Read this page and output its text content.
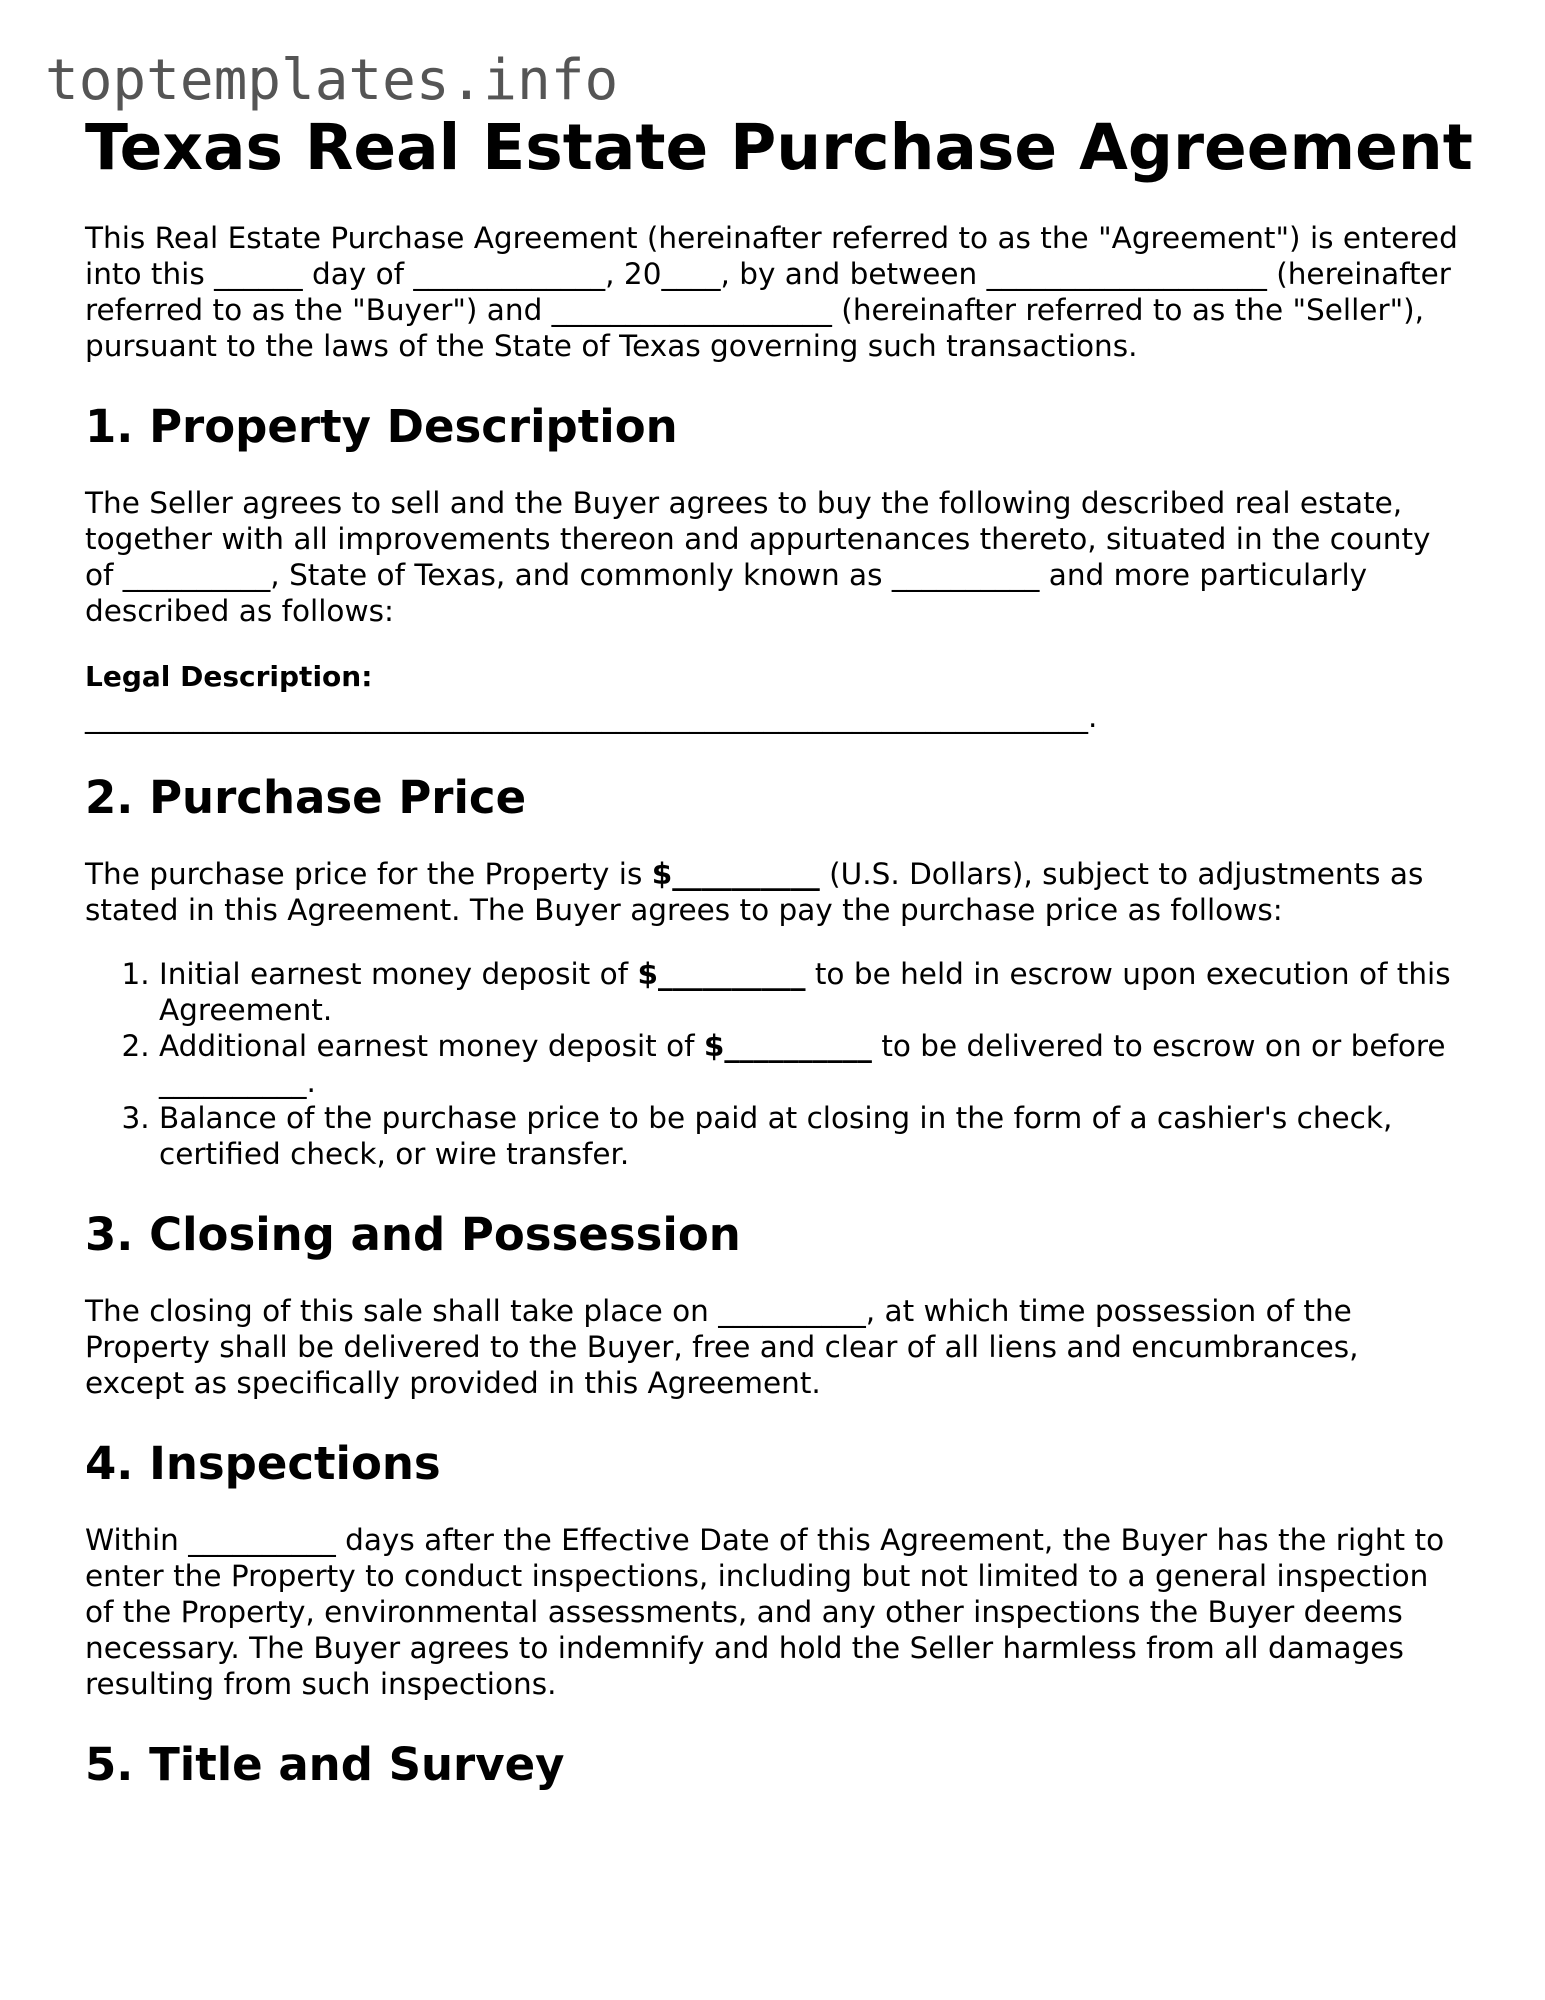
toptemplates.info
Texas Real Estate Purchase Agreement

This Real Estate Purchase Agreement (hereinafter referred to as the "Agreement") is entered into this ______ day of _____________, 20____, by and between ___________________ (hereinafter referred to as the "Buyer") and ___________________ (hereinafter referred to as the "Seller"), pursuant to the laws of the State of Texas governing such transactions.

1. Property Description

The Seller agrees to sell and the Buyer agrees to buy the following described real estate, together with all improvements thereon and appurtenances thereto, situated in the county of __________, State of Texas, and commonly known as __________ and more particularly described as follows:

Legal Description:

____________________________________________________________________.

2. Purchase Price

The purchase price for the Property is $__________ (U.S. Dollars), subject to adjustments as stated in this Agreement. The Buyer agrees to pay the purchase price as follows:

1. Initial earnest money deposit of $__________ to be held in escrow upon execution of this Agreement.
2. Additional earnest money deposit of $__________ to be delivered to escrow on or before __________.
3. Balance of the purchase price to be paid at closing in the form of a cashier's check, certified check, or wire transfer.
3. Closing and Possession

The closing of this sale shall take place on __________, at which time possession of the Property shall be delivered to the Buyer, free and clear of all liens and encumbrances, except as specifically provided in this Agreement.

4. Inspections

Within __________ days after the Effective Date of this Agreement, the Buyer has the right to enter the Property to conduct inspections, including but not limited to a general inspection of the Property, environmental assessments, and any other inspections the Buyer deems necessary. The Buyer agrees to indemnify and hold the Seller harmless from all damages resulting from such inspections.

5. Title and Survey
